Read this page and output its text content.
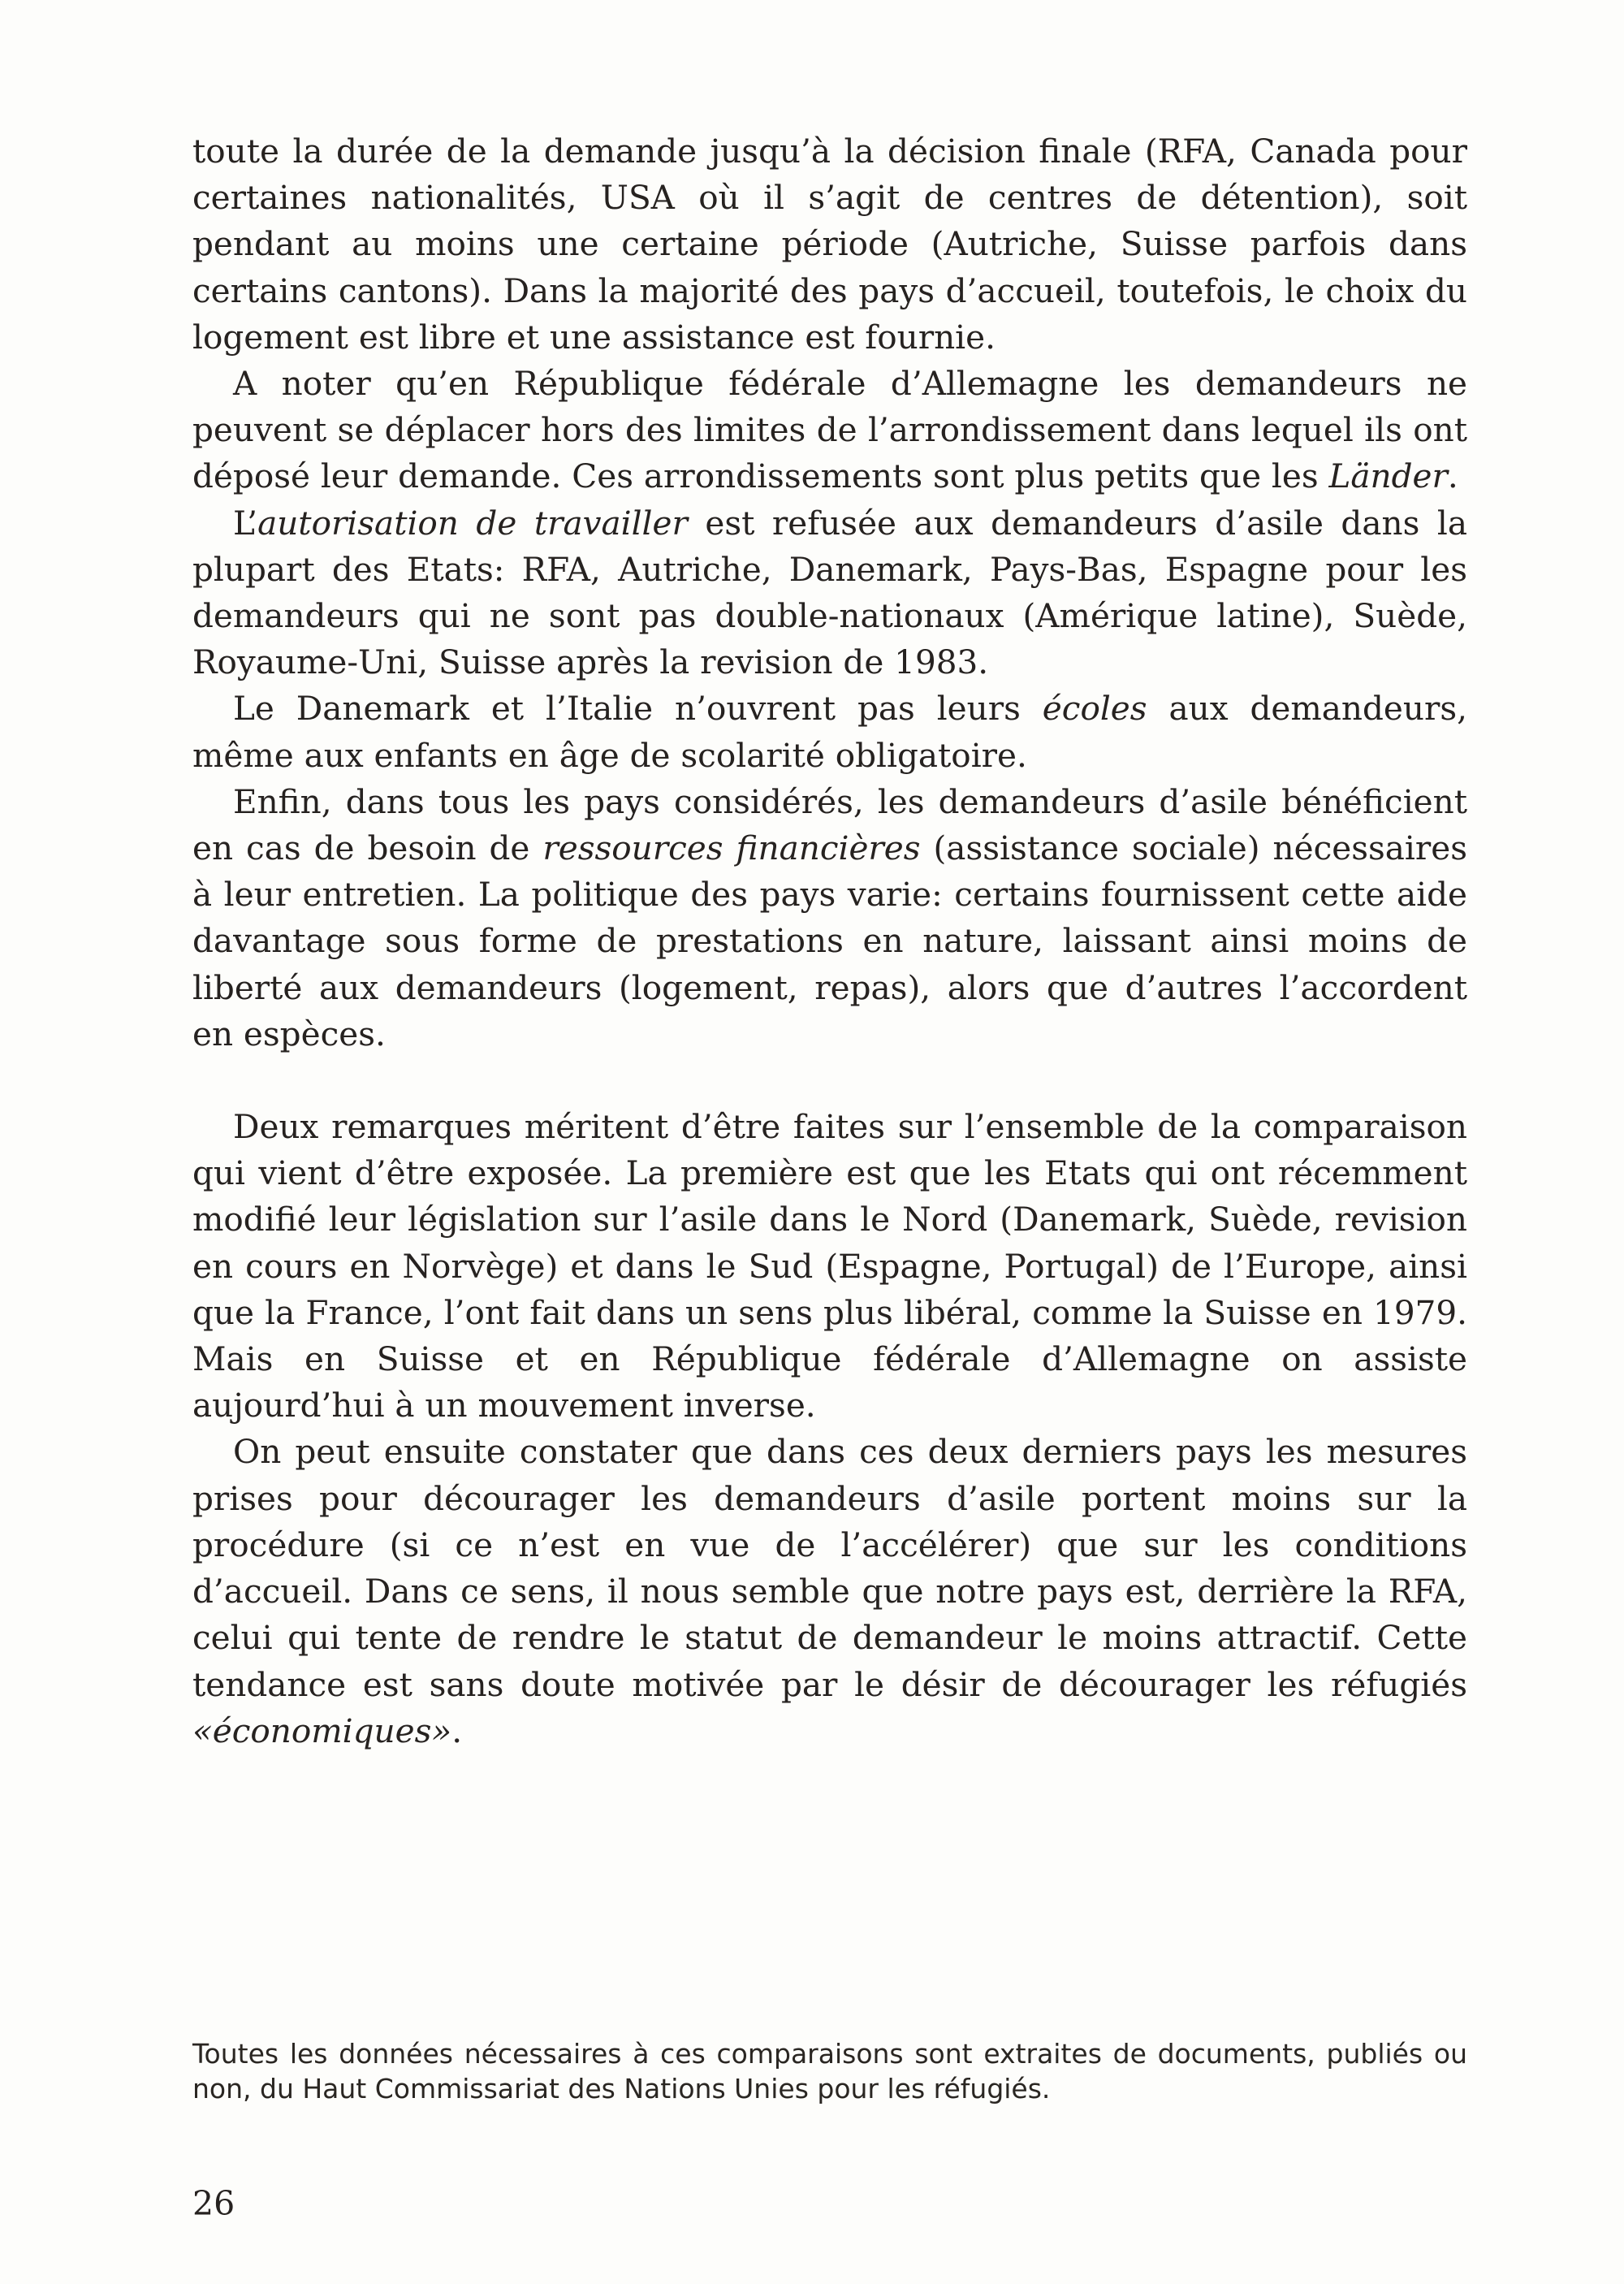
toute la durée de la demande jusqu’à la décision finale (RFA, Canada pour certaines nationalités, USA où il s’agit de centres de détention), soit pendant au moins une certaine période (Autriche, Suisse parfois dans certains cantons). Dans la majorité des pays d’accueil, toutefois, le choix du logement est libre et une assistance est fournie.

A noter qu’en République fédérale d’Allemagne les demandeurs ne peuvent se déplacer hors des limites de l’arrondissement dans lequel ils ont déposé leur demande. Ces arrondissements sont plus petits que les Länder.

L’autorisation de travailler est refusée aux demandeurs d’asile dans la plupart des Etats: RFA, Autriche, Danemark, Pays-Bas, Espagne pour les demandeurs qui ne sont pas double-nationaux (Amérique latine), Suède, Royaume-Uni, Suisse après la revision de 1983.

Le Danemark et l’Italie n’ouvrent pas leurs écoles aux demandeurs, même aux enfants en âge de scolarité obligatoire.

Enfin, dans tous les pays considérés, les demandeurs d’asile bénéficient en cas de besoin de ressources financières (assistance sociale) nécessaires à leur entretien. La politique des pays varie: certains fournissent cette aide davantage sous forme de prestations en nature, laissant ainsi moins de liberté aux demandeurs (logement, repas), alors que d’autres l’accordent en espèces.

Deux remarques méritent d’être faites sur l’ensemble de la comparaison qui vient d’être exposée. La première est que les Etats qui ont récemment modifié leur législation sur l’asile dans le Nord (Danemark, Suède, revision en cours en Norvège) et dans le Sud (Espagne, Portugal) de l’Europe, ainsi que la France, l’ont fait dans un sens plus libéral, comme la Suisse en 1979. Mais en Suisse et en République fédérale d’Allemagne on assiste aujourd’hui à un mouvement inverse.

On peut ensuite constater que dans ces deux derniers pays les mesures prises pour décourager les demandeurs d’asile portent moins sur la procédure (si ce n’est en vue de l’accélérer) que sur les conditions d’accueil. Dans ce sens, il nous semble que notre pays est, derrière la RFA, celui qui tente de rendre le statut de demandeur le moins attractif. Cette tendance est sans doute motivée par le désir de décourager les réfugiés «économiques».

Toutes les données nécessaires à ces comparaisons sont extraites de documents, publiés ou non, du Haut Commissariat des Nations Unies pour les réfugiés.

26
